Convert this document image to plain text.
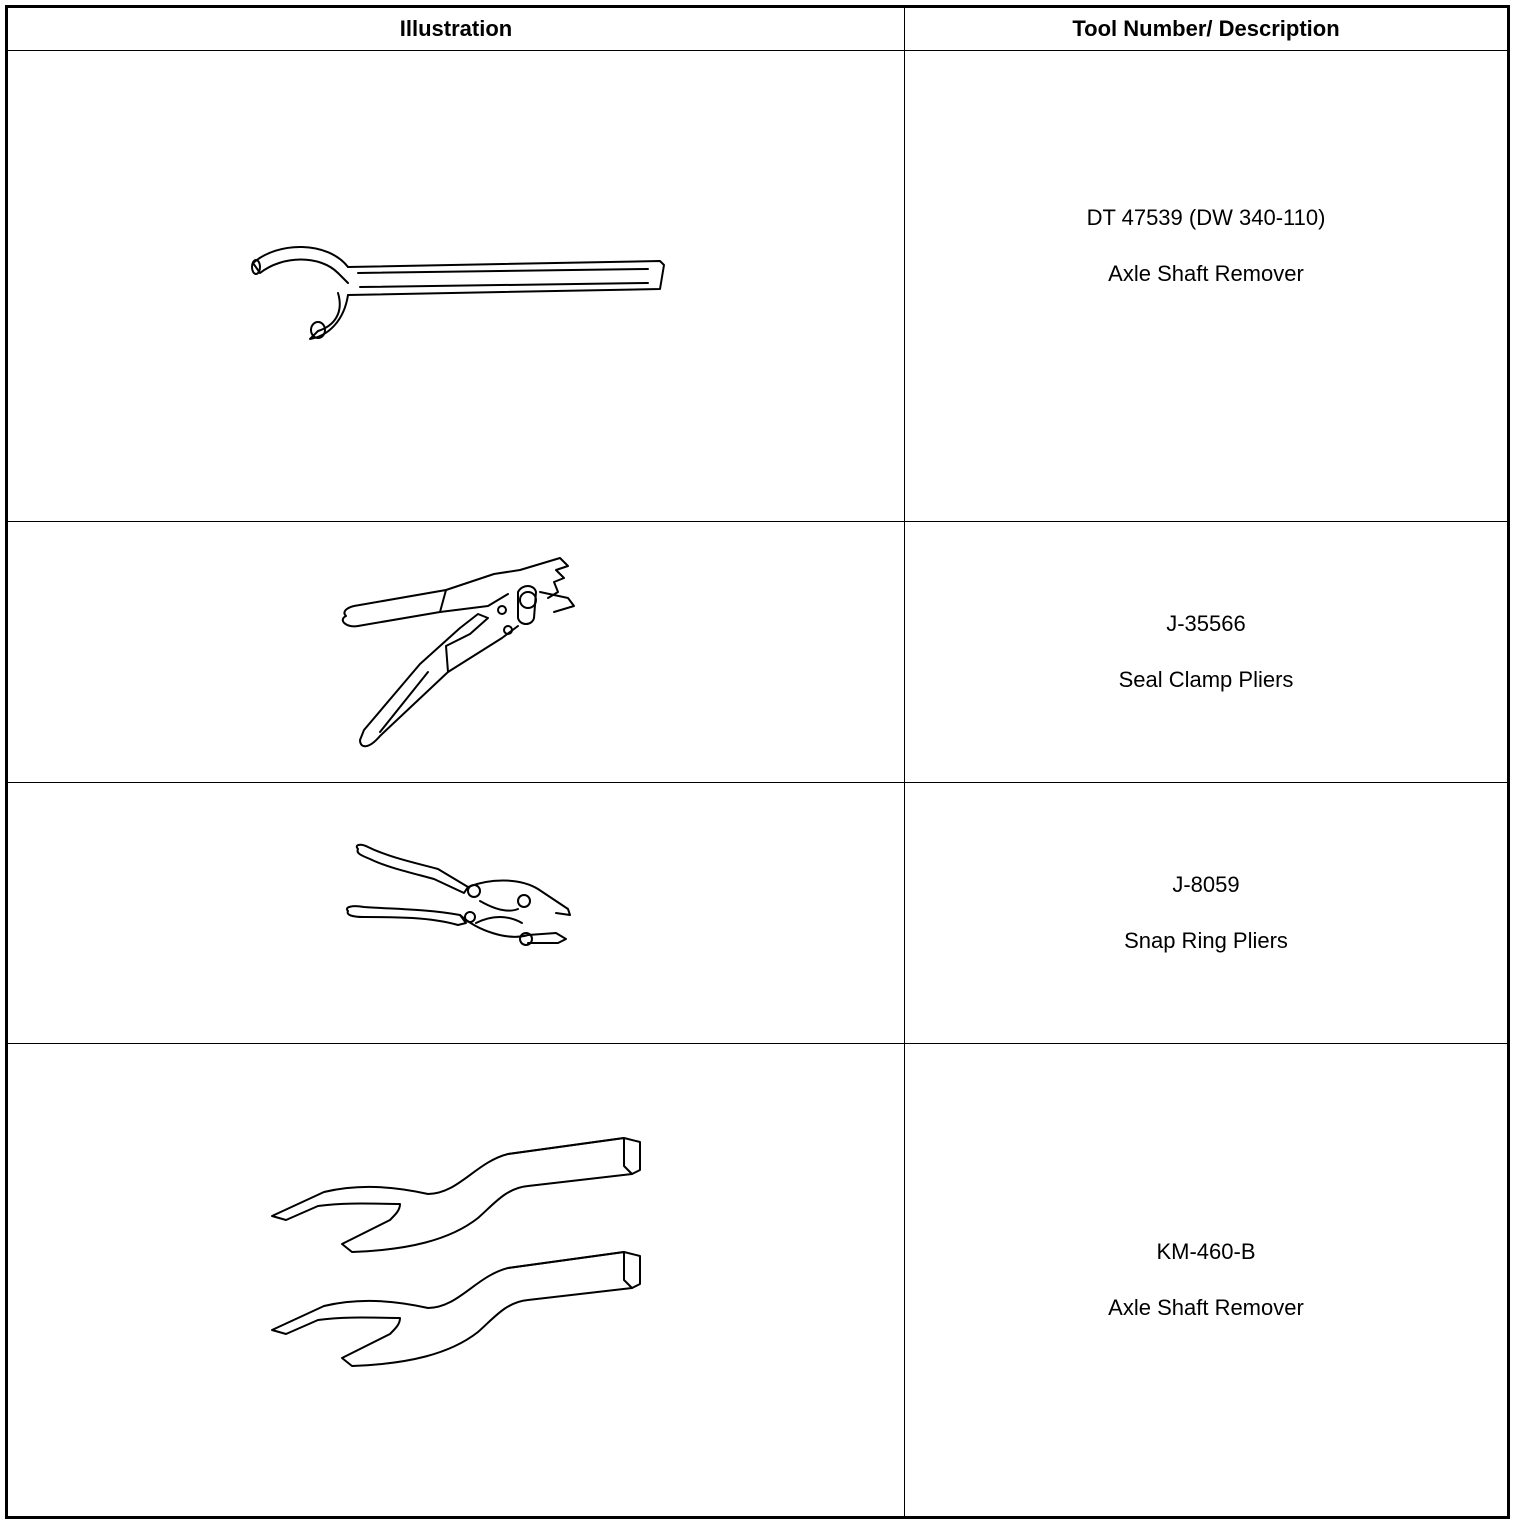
Illustration	Tool Number/ Description

DT 47539 (DW 340-110)
Axle Shaft Remover

J-35566
Seal Clamp Pliers

J-8059
Snap Ring Pliers

KM-460-B
Axle Shaft Remover
